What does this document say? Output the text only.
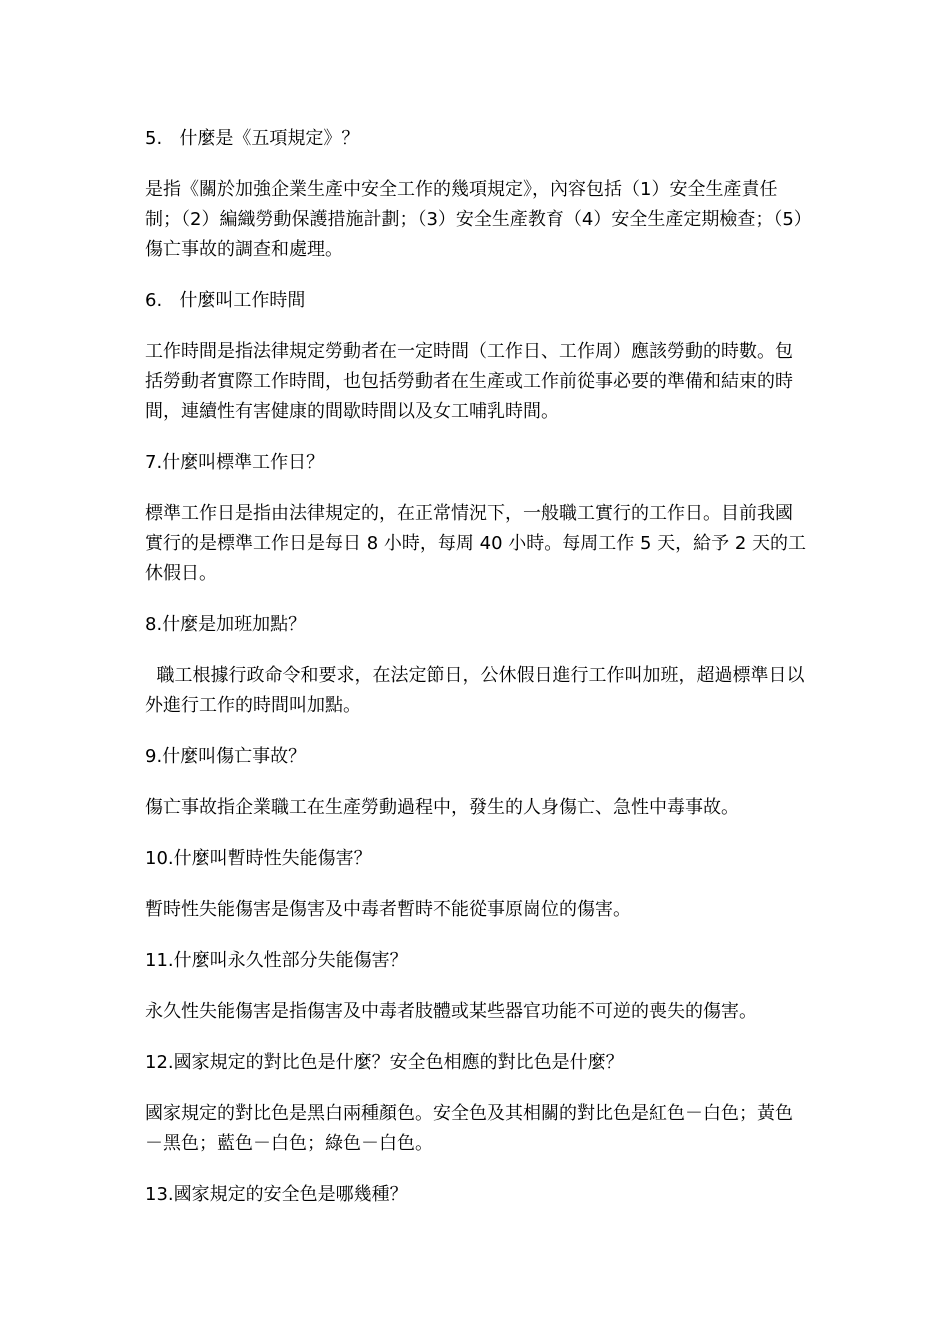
5.   什麼是《五項規定》？

是指《關於加強企業生產中安全工作的幾項規定》，內容包括（1）安全生產責任制；（2）編織勞動保護措施計劃；（3）安全生產教育（4）安全生產定期檢查；（5）傷亡事故的調查和處理。

6.   什麼叫工作時間

工作時間是指法律規定勞動者在一定時間（工作日、工作周）應該勞動的時數。包括勞動者實際工作時間，也包括勞動者在生產或工作前從事必要的準備和結束的時間，連續性有害健康的間歇時間以及女工哺乳時間。

7.什麼叫標準工作日？

標準工作日是指由法律規定的，在正常情況下，一般職工實行的工作日。目前我國實行的是標準工作日是每日 8 小時，每周 40 小時。每周工作 5 天，給予 2 天的工休假日。

8.什麼是加班加點？

職工根據行政命令和要求，在法定節日，公休假日進行工作叫加班，超過標準日以外進行工作的時間叫加點。

9.什麼叫傷亡事故？

傷亡事故指企業職工在生產勞動過程中，發生的人身傷亡、急性中毒事故。

10.什麼叫暫時性失能傷害？

暫時性失能傷害是傷害及中毒者暫時不能從事原崗位的傷害。

11.什麼叫永久性部分失能傷害？

永久性失能傷害是指傷害及中毒者肢體或某些器官功能不可逆的喪失的傷害。

12.國家規定的對比色是什麼？安全色相應的對比色是什麼？

國家規定的對比色是黑白兩種顏色。安全色及其相關的對比色是紅色－白色；黃色－黑色；藍色－白色；綠色－白色。

13.國家規定的安全色是哪幾種？
